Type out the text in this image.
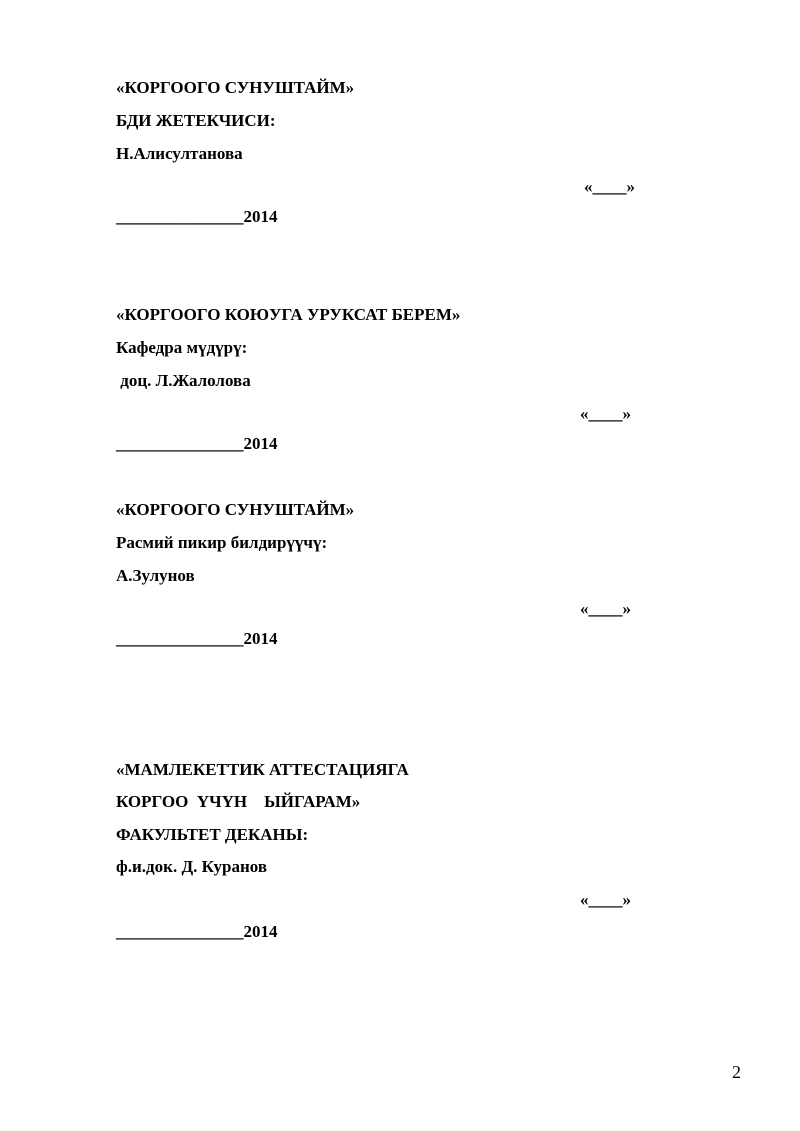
«КОРГООГО СУНУШТАЙМ»
БДИ ЖЕТЕКЧИСИ:
Н.Алисултанова
«____»
_______________2014
«КОРГООГО КОЮУГА УРУКСАТ БЕРЕМ»
Кафедра мүдүрү:
доц. Л.Жалолова
«____»
_______________2014
«КОРГООГО СУНУШТАЙМ»
Расмий пикир билдирүүчү:
А.Зулунов
«____»
_______________2014
«МАМЛЕКЕТТИК АТТЕСТАЦИЯГА
КОРГОО  ҮЧҮН    ЫЙГАРАМ»
ФАКУЛЬТЕТ ДЕКАНЫ:
ф.и.док. Д. Куранов
«____»
_______________2014
2
